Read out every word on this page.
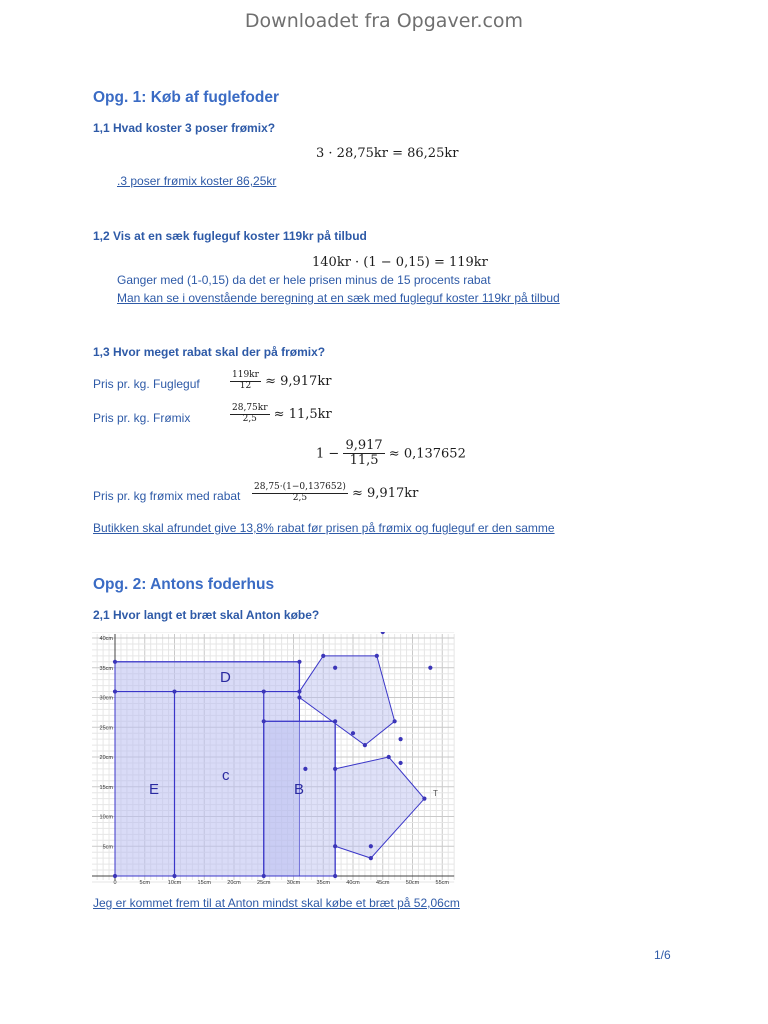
Downloadet fra Opgaver.com
Opg. 1: Køb af fuglefoder
1,1 Hvad koster 3 poser frømix?
3 · 28,75kr = 86,25kr
.3 poser frømix koster 86,25kr
1,2 Vis at en sæk fugleguf koster 119kr på tilbud
140kr · (1 − 0,15) = 119kr
Ganger med (1-0,15) da det er hele prisen minus de 15 procents rabat
Man kan se i ovenstående beregning at en sæk med fugleguf koster 119kr på tilbud
1,3 Hvor meget rabat skal der på frømix?
Pris pr. kg. Fugleguf	$\frac{119kr}{12} \approx 9,917kr$
Pris pr. kg. Frømix	$\frac{28,75kr}{2,5} \approx 11,5kr$
$1 - \frac{9,917}{11,5} \approx 0,137652$
Pris pr. kg frømix med rabat $\frac{28,75\cdot(1-0,137652)}{2,5} \approx 9,917kr$
Butikken skal afrundet give 13,8% rabat før prisen på frømix og fugleguf er den samme
Opg. 2: Antons foderhus
2,1 Hvor langt et bræt skal Anton købe?
40cm
35cm
30cm
25cm
20cm
15cm
10cm
5cm
0	5cm	10cm	15cm	20cm	25cm	30cm	35cm	40cm	45cm	50cm	55cm
D
c
E	B	T
Jeg er kommet frem til at Anton mindst skal købe et bræt på 52,06cm
1/6
